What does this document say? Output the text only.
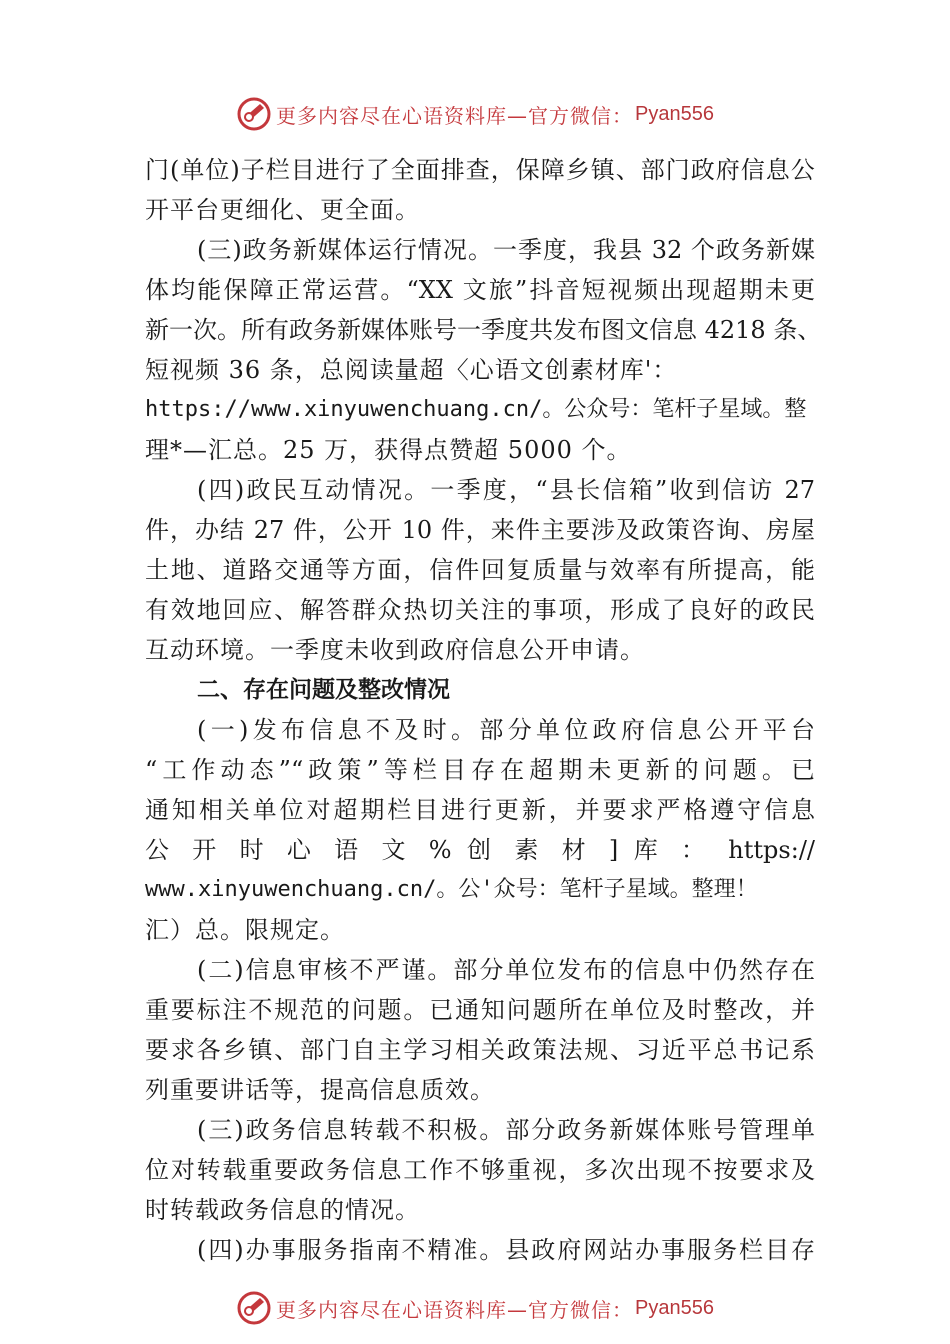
更多内容尽在心语资料库—官方微信： Pyan556
门(单位)子栏目进行了全面排查，保障乡镇、部门政府信息公
开平台更细化、更全面。
(三)政务新媒体运行情况。一季度，我县 32 个政务新媒
体均能保障正常运营。“XX 文旅”抖音短视频出现超期未更
新一次。所有政务新媒体账号一季度共发布图文信息 4218 条、
短视频 36 条，总阅读量超〈心语文创素材库'：
https://www.xinyuwenchuang.cn/。公众号：笔杆子星域。整
理*—汇总。25 万，获得点赞超 5000 个。
(四)政民互动情况。一季度，“县长信箱”收到信访 27
件，办结 27 件，公开 10 件，来件主要涉及政策咨询、房屋
土地、道路交通等方面，信件回复质量与效率有所提高，能
有效地回应、解答群众热切关注的事项，形成了良好的政民
互动环境。一季度未收到政府信息公开申请。
二、存在问题及整改情况
(一)发布信息不及时。部分单位政府信息公开平台
“工作动态”“政策”等栏目存在超期未更新的问题。已
通知相关单位对超期栏目进行更新，并要求严格遵守信息
公 开 时 心 语 文 % 创 素 材 ] 库 ： https://
www.xinyuwenchuang.cn/。公'众号：笔杆子星域。整理！
汇）总。限规定。
(二)信息审核不严谨。部分单位发布的信息中仍然存在
重要标注不规范的问题。已通知问题所在单位及时整改，并
要求各乡镇、部门自主学习相关政策法规、习近平总书记系
列重要讲话等，提高信息质效。
(三)政务信息转载不积极。部分政务新媒体账号管理单
位对转载重要政务信息工作不够重视，多次出现不按要求及
时转载政务信息的情况。
(四)办事服务指南不精准。县政府网站办事服务栏目存
更多内容尽在心语资料库—官方微信： Pyan556
